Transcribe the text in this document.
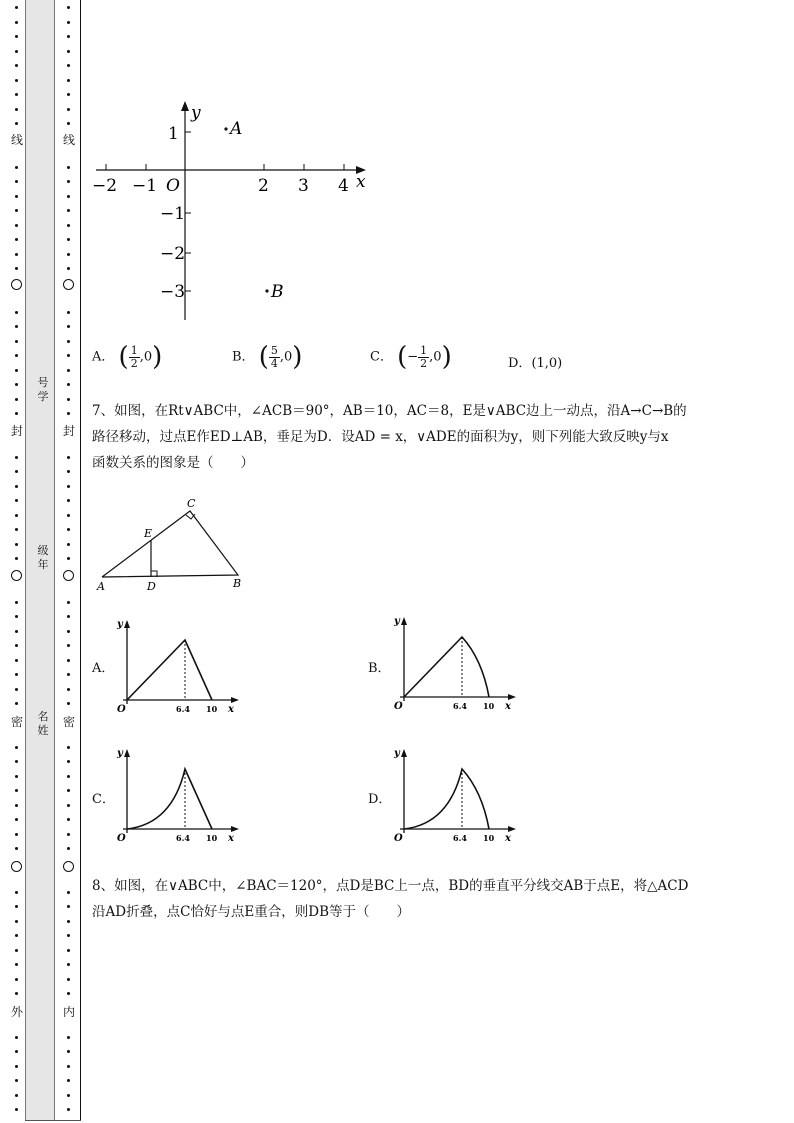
线
封
密
外
线
封
密
内
号学
级年
名姓
−2 −1	2 3 4
O	x
y
1
−1
−2
−3
A
B
A． ( $\frac{1}{2} ,0$)	B． ( $\frac{5}{4} ,0$)	C． (− $\frac{1}{2} ,0$)	D．(1,0)
7、如图，在Rt∨ABC中，∠ACB＝90°，AB＝10，AC＝8，E是∨ABC边上一动点，沿A→C→B的
路径移动，过点E作ED⊥AB，垂足为D．设AD = x，∨ADE的面积为y，则下列能大致反映y与x
函数关系的图象是（　　）
A	B
C
D
E
A．	B．
C．	D．
y
x
O	6.4 10
y
x
O	6.4 10
y
x
O	6.4 10
y
x
O	6.4 10
8、如图，在∨ABC中，∠BAC＝120°，点D是BC上一点，BD的垂直平分线交AB于点E，将△ACD
沿AD折叠，点C恰好与点E重合，则DB等于（　　）
